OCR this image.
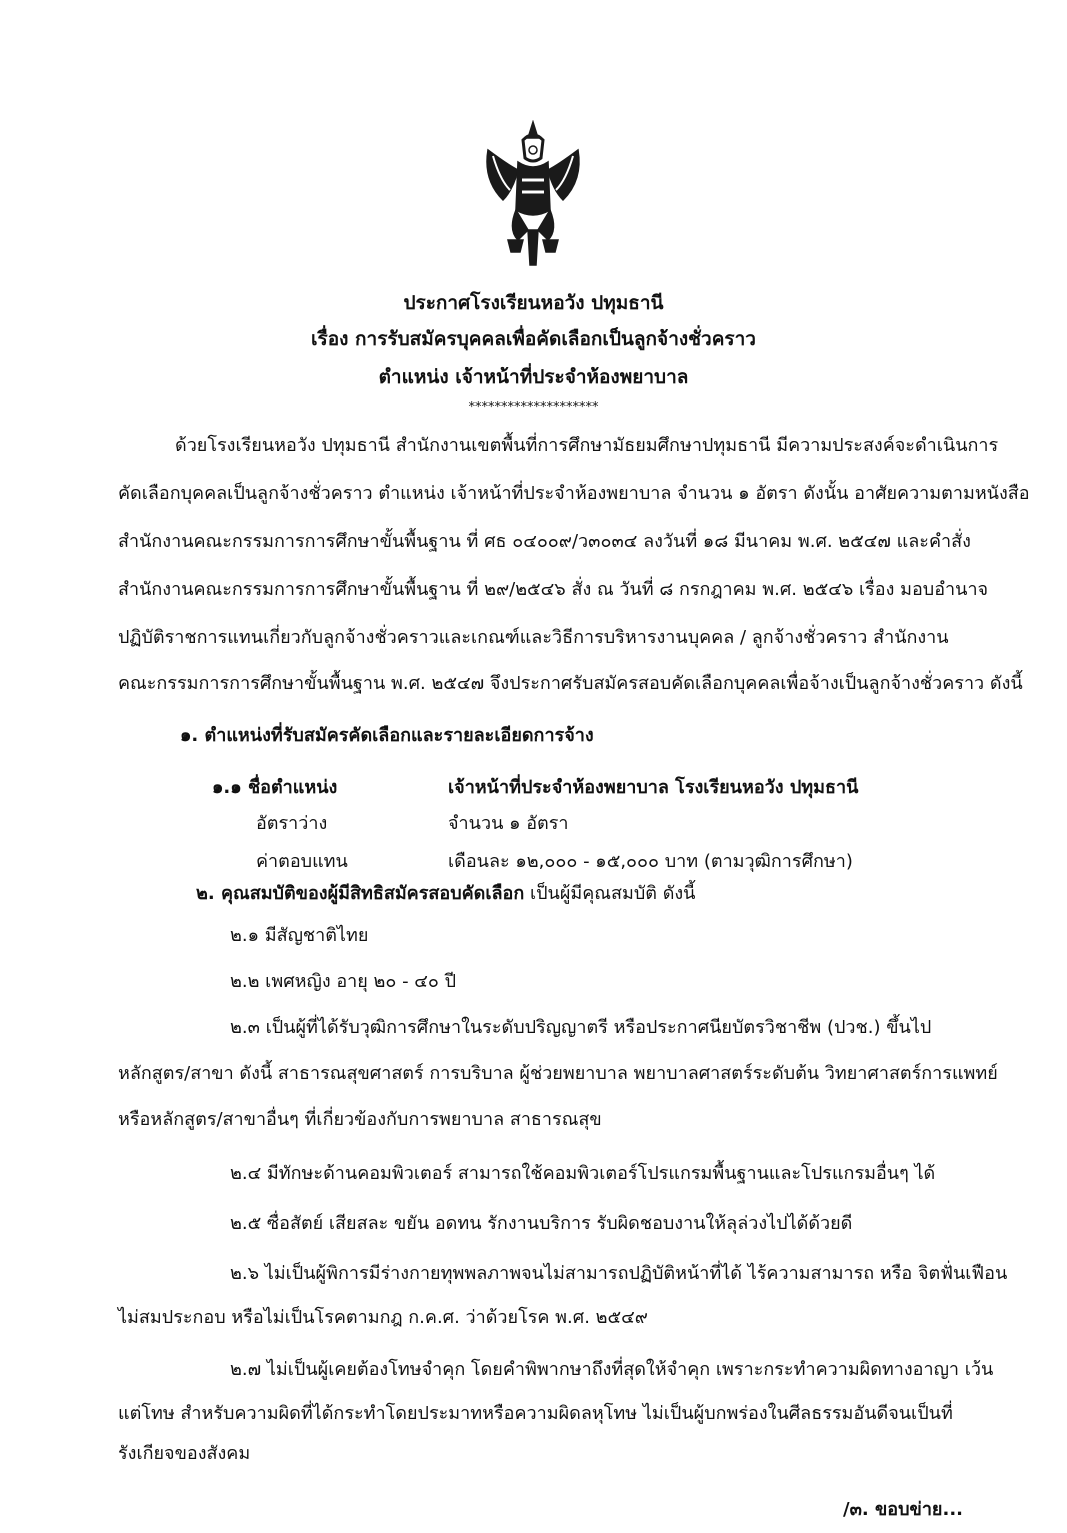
ประกาศโรงเรียนหอวัง ปทุมธานี
เรื่อง การรับสมัครบุคคลเพื่อคัดเลือกเป็นลูกจ้างชั่วคราว
ตำแหน่ง เจ้าหน้าที่ประจำห้องพยาบาล
********************
ด้วยโรงเรียนหอวัง ปทุมธานี สำนักงานเขตพื้นที่การศึกษามัธยมศึกษาปทุมธานี มีความประสงค์จะดำเนินการ
คัดเลือกบุคคลเป็นลูกจ้างชั่วคราว ตำแหน่ง เจ้าหน้าที่ประจำห้องพยาบาล จำนวน ๑ อัตรา ดังนั้น อาศัยความตามหนังสือ
สำนักงานคณะกรรมการการศึกษาขั้นพื้นฐาน ที่ ศธ ๐๔๐๐๙/ว๓๐๓๔ ลงวันที่ ๑๘ มีนาคม พ.ศ. ๒๕๔๗ และคำสั่ง
สำนักงานคณะกรรมการการศึกษาขั้นพื้นฐาน ที่ ๒๙/๒๕๔๖ สั่ง ณ วันที่ ๘ กรกฎาคม พ.ศ. ๒๕๔๖ เรื่อง มอบอำนาจ
ปฏิบัติราชการแทนเกี่ยวกับลูกจ้างชั่วคราวและเกณฑ์และวิธีการบริหารงานบุคคล / ลูกจ้างชั่วคราว สำนักงาน
คณะกรรมการการศึกษาขั้นพื้นฐาน พ.ศ. ๒๕๔๗ จึงประกาศรับสมัครสอบคัดเลือกบุคคลเพื่อจ้างเป็นลูกจ้างชั่วคราว ดังนี้
๑. ตำแหน่งที่รับสมัครคัดเลือกและรายละเอียดการจ้าง
๑.๑ ชื่อตำแหน่ง	เจ้าหน้าที่ประจำห้องพยาบาล โรงเรียนหอวัง ปทุมธานี
อัตราว่าง	จำนวน ๑ อัตรา
ค่าตอบแทน	เดือนละ ๑๒,๐๐๐ - ๑๕,๐๐๐ บาท (ตามวุฒิการศึกษา)
๒. คุณสมบัติของผู้มีสิทธิสมัครสอบคัดเลือก เป็นผู้มีคุณสมบัติ ดังนี้
๒.๑ มีสัญชาติไทย
๒.๒ เพศหญิง อายุ ๒๐ - ๔๐ ปี
๒.๓ เป็นผู้ที่ได้รับวุฒิการศึกษาในระดับปริญญาตรี หรือประกาศนียบัตรวิชาชีพ (ปวช.) ขึ้นไป
หลักสูตร/สาขา ดังนี้ สาธารณสุขศาสตร์ การบริบาล ผู้ช่วยพยาบาล พยาบาลศาสตร์ระดับต้น วิทยาศาสตร์การแพทย์
หรือหลักสูตร/สาขาอื่นๆ ที่เกี่ยวข้องกับการพยาบาล สาธารณสุข
๒.๔ มีทักษะด้านคอมพิวเตอร์ สามารถใช้คอมพิวเตอร์โปรแกรมพื้นฐานและโปรแกรมอื่นๆ ได้
๒.๕ ซื่อสัตย์ เสียสละ ขยัน อดทน รักงานบริการ รับผิดชอบงานให้ลุล่วงไปได้ด้วยดี
๒.๖ ไม่เป็นผู้พิการมีร่างกายทุพพลภาพจนไม่สามารถปฏิบัติหน้าที่ได้ ไร้ความสามารถ หรือ จิตฟั่นเฟือน
ไม่สมประกอบ หรือไม่เป็นโรคตามกฎ ก.ค.ศ. ว่าด้วยโรค พ.ศ. ๒๕๔๙
๒.๗ ไม่เป็นผู้เคยต้องโทษจำคุก โดยคำพิพากษาถึงที่สุดให้จำคุก เพราะกระทำความผิดทางอาญา เว้น
แต่โทษ สำหรับความผิดที่ได้กระทำโดยประมาทหรือความผิดลหุโทษ ไม่เป็นผู้บกพร่องในศีลธรรมอันดีจนเป็นที่
รังเกียจของสังคม
/๓. ขอบข่าย...
